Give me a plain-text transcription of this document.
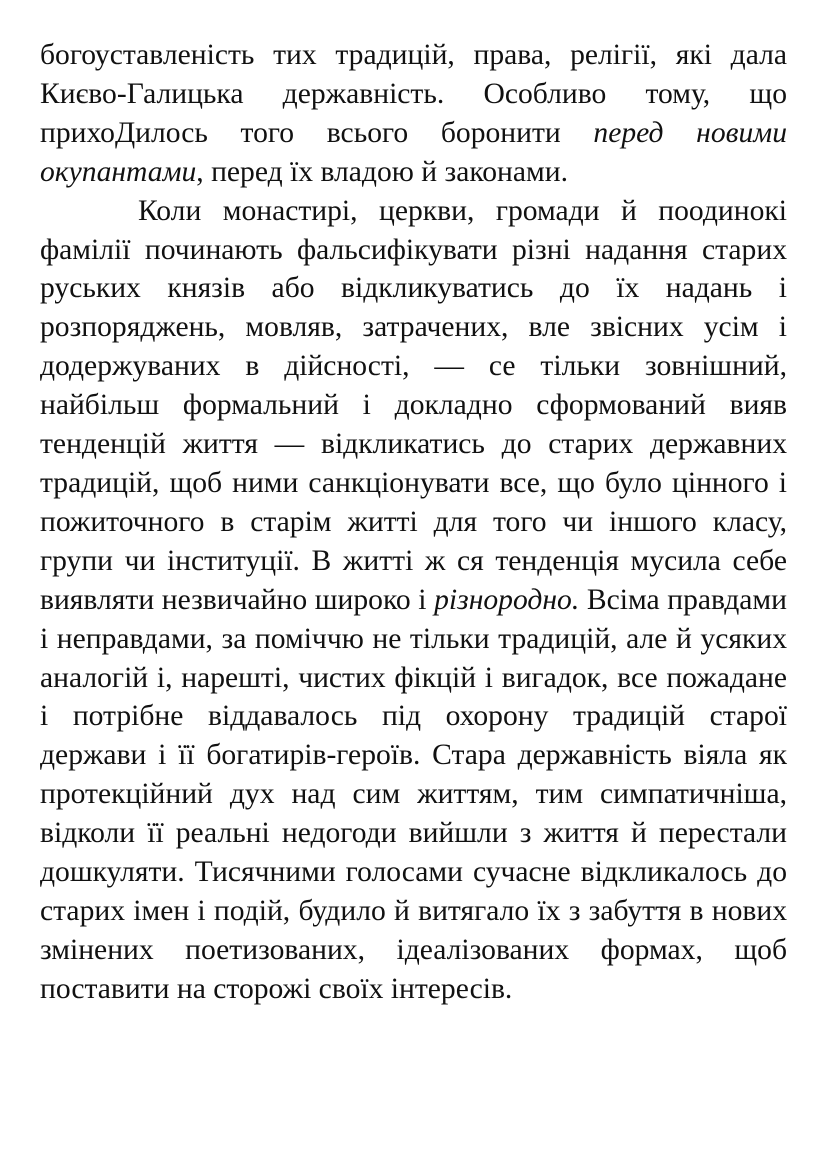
богоуставленість тих традицій, права, релігії, які дала Києво-Галицька державність. Особливо тому, що прихоДилось того всього боронити перед новими окупантами, перед їх владою й законами.

Коли монастирі, церкви, громади й поодинокі фамілії починають фальсифікувати різні надання старих руських князів або відкликуватись до їх надань і розпоряджень, мовляв, затрачених, вле звісних усім і додержуваних в дійсності, — се тільки зовнішний, найбільш формальний і докладно сформований вияв тенденцій життя — відкликатись до старих державних традицій, щоб ними санкціонувати все, що було цінного і пожиточного в старім житті для того чи іншого класу, групи чи інституції. В житті ж ся тенденція мусила себе виявляти незвичайно широко і різнородно. Всіма правдами і неправдами, за поміччю не тільки традицій, але й усяких аналогій і, нарешті, чистих фікцій і вигадок, все пожадане і потрібне віддавалось під охорону традицій старої держави і її богатирів-героїв. Стара державність віяла як протекційний дух над сим життям, тим симпатичніша, відколи її реальні недогоди вийшли з життя й перестали дошкуляти. Тисячними голосами сучасне відкликалось до старих імен і подій, будило й витягало їх з забуття в нових змінених поетизованих, ідеалізованих формах, щоб поставити на сторожі своїх інтересів.
